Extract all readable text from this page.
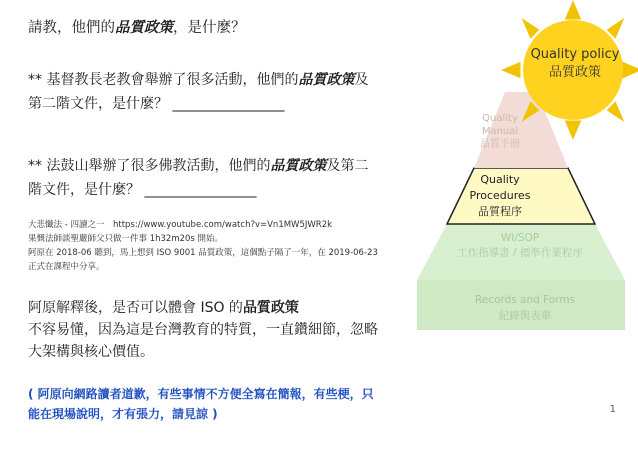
請教，他們的品質政策，是什麼？
** 基督教長老教會舉辦了很多活動，他們的品質政策及第二階文件，是什麼？ ________________
** 法鼓山舉辦了很多佛教活動，他們的品質政策及第二階文件，是什麼？ ________________
大悲懺法 - 四讀之一　https://www.youtube.com/watch?v=Vn1MW5JWR2k
果慨法師談聖嚴師父只做一件事 1h32m20s 開始。
阿原在 2018-06 聽到，馬上想到 ISO 9001 品質政策，這個點子隔了一年，在 2019-06-23 正式在課程中分享。
阿原解釋後，是否可以體會 ISO 的品質政策
不容易懂，因為這是台灣教育的特質，一直鑽細節，忽略大架構與核心價值。
( 阿原向網路讀者道歉，有些事情不方便全寫在簡報，有些梗，只能在現場說明，才有張力，請見諒 )
Quality policy
品質政策
Quality
Manual
品質手冊
Quality
Procedures
品質程序
WI/SOP
工作指導書 / 標準作業程序
Records and Forms
紀錄與表單
1
